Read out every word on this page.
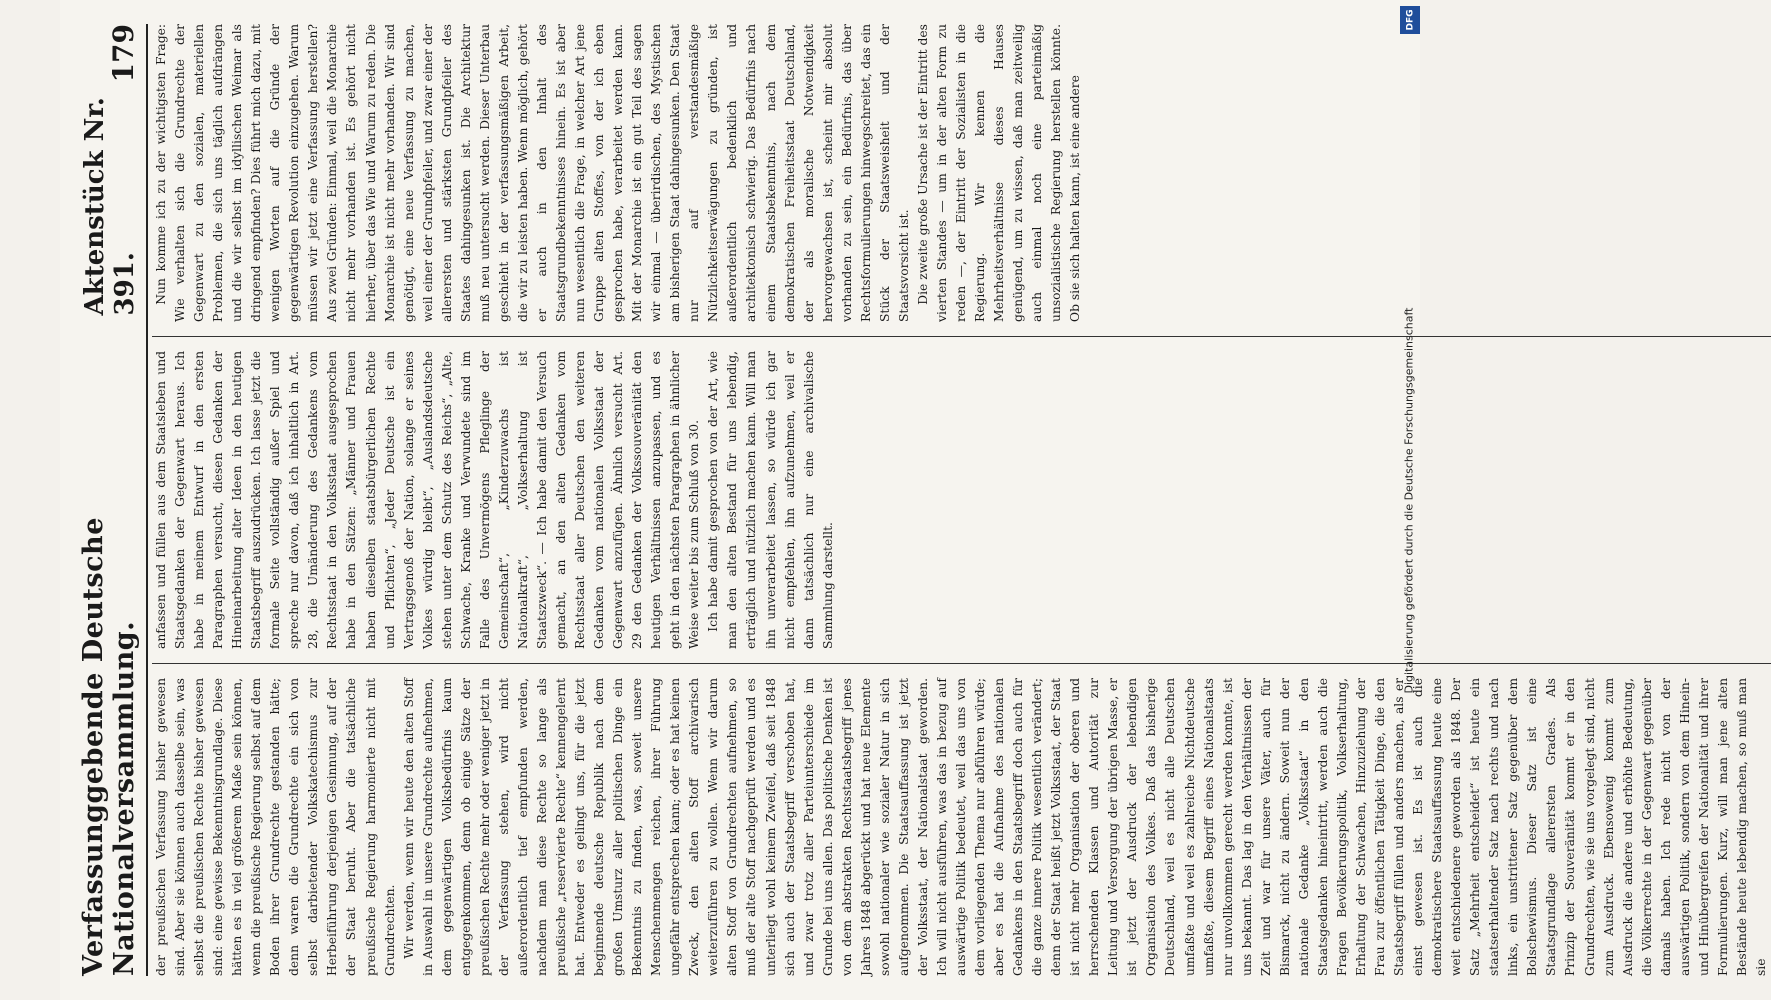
Verfassunggebende Deutsche Nationalversammlung.
Aktenstück Nr. 391.
179

der preußischen Verfassung bisher gewesen sind. Aber sie können auch dasselbe sein, was selbst die preußischen Rechte bisher gewesen sind: eine gewisse Bekenntnisgrundlage. Diese hätten es in viel größerem Maße sein können, wenn die preußische Regierung selbst auf dem Boden ihrer Grundrechte gestanden hätte; denn waren die Grundrechte ein sich von selbst darbietender Volkskatechismus zur Herbeiführung derjenigen Gesinnung, auf der der Staat beruht. Aber die tatsächliche preußische Regierung harmonierte nicht mit Grundrechten. Wir werden, wenn wir heute den alten Stoff in Auswahl in unsere Grundrechte aufnehmen, dem gegenwärtigen Volksbedürfnis kaum entgegenkommen, denn ob einige Sätze der preußischen Rechte mehr oder weniger jetzt in der Verfassung stehen, wird nicht außerordentlich tief empfunden werden, nachdem man diese Rechte so lange als preußische „reservierte Rechte“ kennengelernt hat. Entweder es gelingt uns, für die jetzt beginnende deutsche Republik nach dem großen Umsturz aller politischen Dinge ein Bekenntnis zu finden, was, soweit unsere Menschenmengen reichen, ihrer Führung ungefähr entsprechen kann; oder es hat keinen Zweck, den alten Stoff archivarisch weiterzuführen zu wollen. Wenn wir darum alten Stoff von Grundrechten aufnehmen, so muß der alte Stoff nachgeprüft werden und es unterliegt wohl keinem Zweifel, daß seit 1848 sich auch der Staatsbegriff verschoben hat, und zwar trotz aller Parteiunterschiede im Grunde bei uns allen. Das politische Denken ist von dem abstrakten Rechtsstaatsbegriff jenes Jahres 1848 abgerückt und hat neue Elemente sowohl nationaler wie sozialer Natur in sich aufgenommen. Die Staatsauffassung ist jetzt der Volksstaat, der Nationalstaat geworden. Ich will nicht ausführen, was das in bezug auf auswärtige Politik bedeutet, weil das uns von dem vorliegenden Thema nur abführen würde; aber es hat die Aufnahme des nationalen Gedankens in den Staatsbegriff doch auch für die ganze innere Politik wesentlich verändert; denn der Staat heißt jetzt Volksstaat, der Staat ist nicht mehr Organisation der oberen und herrschenden Klassen und Autorität zur Leitung und Versorgung der übrigen Masse, er ist jetzt der Ausdruck der lebendigen Organisation des Volkes. Daß das bisherige Deutschland, weil es nicht alle Deutschen umfaßte und weil es zahlreiche Nichtdeutsche umfaßte, diesem Begriff eines Nationalstaats nur unvollkommen gerecht werden konnte, ist uns bekannt. Das lag in den Verhältnissen der Zeit und war für unsere Väter, auch für Bismarck, nicht zu ändern. Soweit nun der nationale Gedanke „Volksstaat“ in den Staatsgedanken hineintritt, werden auch die Fragen Bevölkerungspolitik, Volkserhaltung, Erhaltung der Schwachen, Hinzuziehung der Frau zur öffentlichen Tätigkeit Dinge, die den Staatsbegriff füllen und anders machen, als er einst gewesen ist. Es ist auch die demokratischere Staatsauffassung heute eine weit entschiedenere geworden als 1848. Der Satz „Mehrheit entscheidet“ ist heute ein staatserhaltender Satz nach rechts und nach links, ein unstrittener Satz gegenüber dem Bolschewismus. Dieser Satz ist eine Staatsgrundlage allerersten Grades. Als Prinzip der Souveränität kommt er in den Grundrechten, wie sie uns vorgelegt sind, nicht zum Ausdruck. Ebensowenig kommt zum Ausdruck die andere und erhöhte Bedeutung, die Völkerrechte in der Gegenwart gegenüber damals haben. Ich rede nicht von der auswärtigen Politik, sondern von dem Hinein- und Hinübergreifen der Nationalität und ihrer Formulierungen. Kurz, will man jene alten Bestände heute lebendig machen, so muß man sie

anfassen und füllen aus dem Staatsleben und Staatsgedanken der Gegenwart heraus. Ich habe in meinem Entwurf in den ersten Paragraphen versucht, diesen Gedanken der Hineinarbeitung alter Ideen in den heutigen Staatsbegriff auszudrücken. Ich lasse jetzt die formale Seite vollständig außer Spiel und spreche nur davon, daß ich inhaltlich in Art. 28, die Umänderung des Gedankens vom Rechtsstaat in den Volksstaat ausgesprochen habe in den Sätzen: „Männer und Frauen haben dieselben staatsbürgerlichen Rechte und Pflichten“, „Jeder Deutsche ist ein Vertragsgenoß der Nation, solange er seines Volkes würdig bleibt“, „Auslandsdeutsche stehen unter dem Schutz des Reichs“, „Alte, Schwache, Kranke und Verwundete sind im Falle des Unvermögens Pfleglinge der Gemeinschaft“, „Kinderzuwachs ist Nationalkraft“, „Volkserhaltung ist Staatszweck“. — Ich habe damit den Versuch gemacht, an den alten Gedanken vom Rechtsstaat aller Deutschen den weiteren Gedanken vom nationalen Volksstaat der Gegenwart anzufügen. Ähnlich versucht Art. 29 den Gedanken der Volkssouveränität den heutigen Verhältnissen anzupassen, und es geht in den nächsten Paragraphen in ähnlicher Weise weiter bis zum Schluß von 30. Ich habe damit gesprochen von der Art, wie man den alten Bestand für uns lebendig, erträglich und nützlich machen kann. Will man ihn unverarbeitet lassen, so würde ich gar nicht empfehlen, ihn aufzunehmen, weil er dann tatsächlich nur eine archivalische Sammlung darstellt.

Nun komme ich zu der wichtigsten Frage: Wie verhalten sich die Grundrechte der Gegenwart zu den sozialen, materiellen Problemen, die sich uns täglich aufdrängen und die wir selbst im idyllischen Weimar als dringend empfinden? Dies führt mich dazu, mit wenigen Worten auf die Gründe der gegenwärtigen Revolution einzugehen. Warum müssen wir jetzt eine Verfassung herstellen? Aus zwei Gründen: Einmal, weil die Monarchie nicht mehr vorhanden ist. Es gehört nicht hierher, über das Wie und Warum zu reden. Die Monarchie ist nicht mehr vorhanden. Wir sind genötigt, eine neue Verfassung zu machen, weil einer der Grundpfeiler, und zwar einer der allerersten und stärksten Grundpfeiler des Staates dahingesunken ist. Die Architektur muß neu untersucht werden. Dieser Unterbau geschieht in der verfassungsmäßigen Arbeit, die wir zu leisten haben. Wenn möglich, gehört er auch in den Inhalt des Staatsgrundbekenntnisses hinein. Es ist aber nun wesentlich die Frage, in welcher Art jene Gruppe alten Stoffes, von der ich eben gesprochen habe, verarbeitet werden kann. Mit der Monarchie ist ein gut Teil des sagen wir einmal — überirdischen, des Mystischen am bisherigen Staat dahingesunken. Den Staat nur auf verstandesmäßige Nützlichkeitserwägungen zu gründen, ist außerordentlich bedenklich und architektonisch schwierig. Das Bedürfnis nach einem Staatsbekenntnis, nach dem demokratischen Freiheitsstaat Deutschland, der als moralische Notwendigkeit hervorgewachsen ist, scheint mir absolut vorhanden zu sein, ein Bedürfnis, das über Rechtsformulierungen hinwegschreitet, das ein Stück der Staatsweisheit und der Staatsvorsicht ist. Die zweite große Ursache ist der Eintritt des vierten Standes — um in der alten Form zu reden —, der Eintritt der Sozialisten in die Regierung. Wir kennen die Mehrheitsverhältnisse dieses Hauses genügend, um zu wissen, daß man zeitweilig auch einmal noch eine parteimäßig unsozialistische Regierung herstellen könnte. Ob sie sich halten kann, ist eine andere

DFG
Digitalisierung gefördert durch die Deutsche Forschungsgemeinschaft
